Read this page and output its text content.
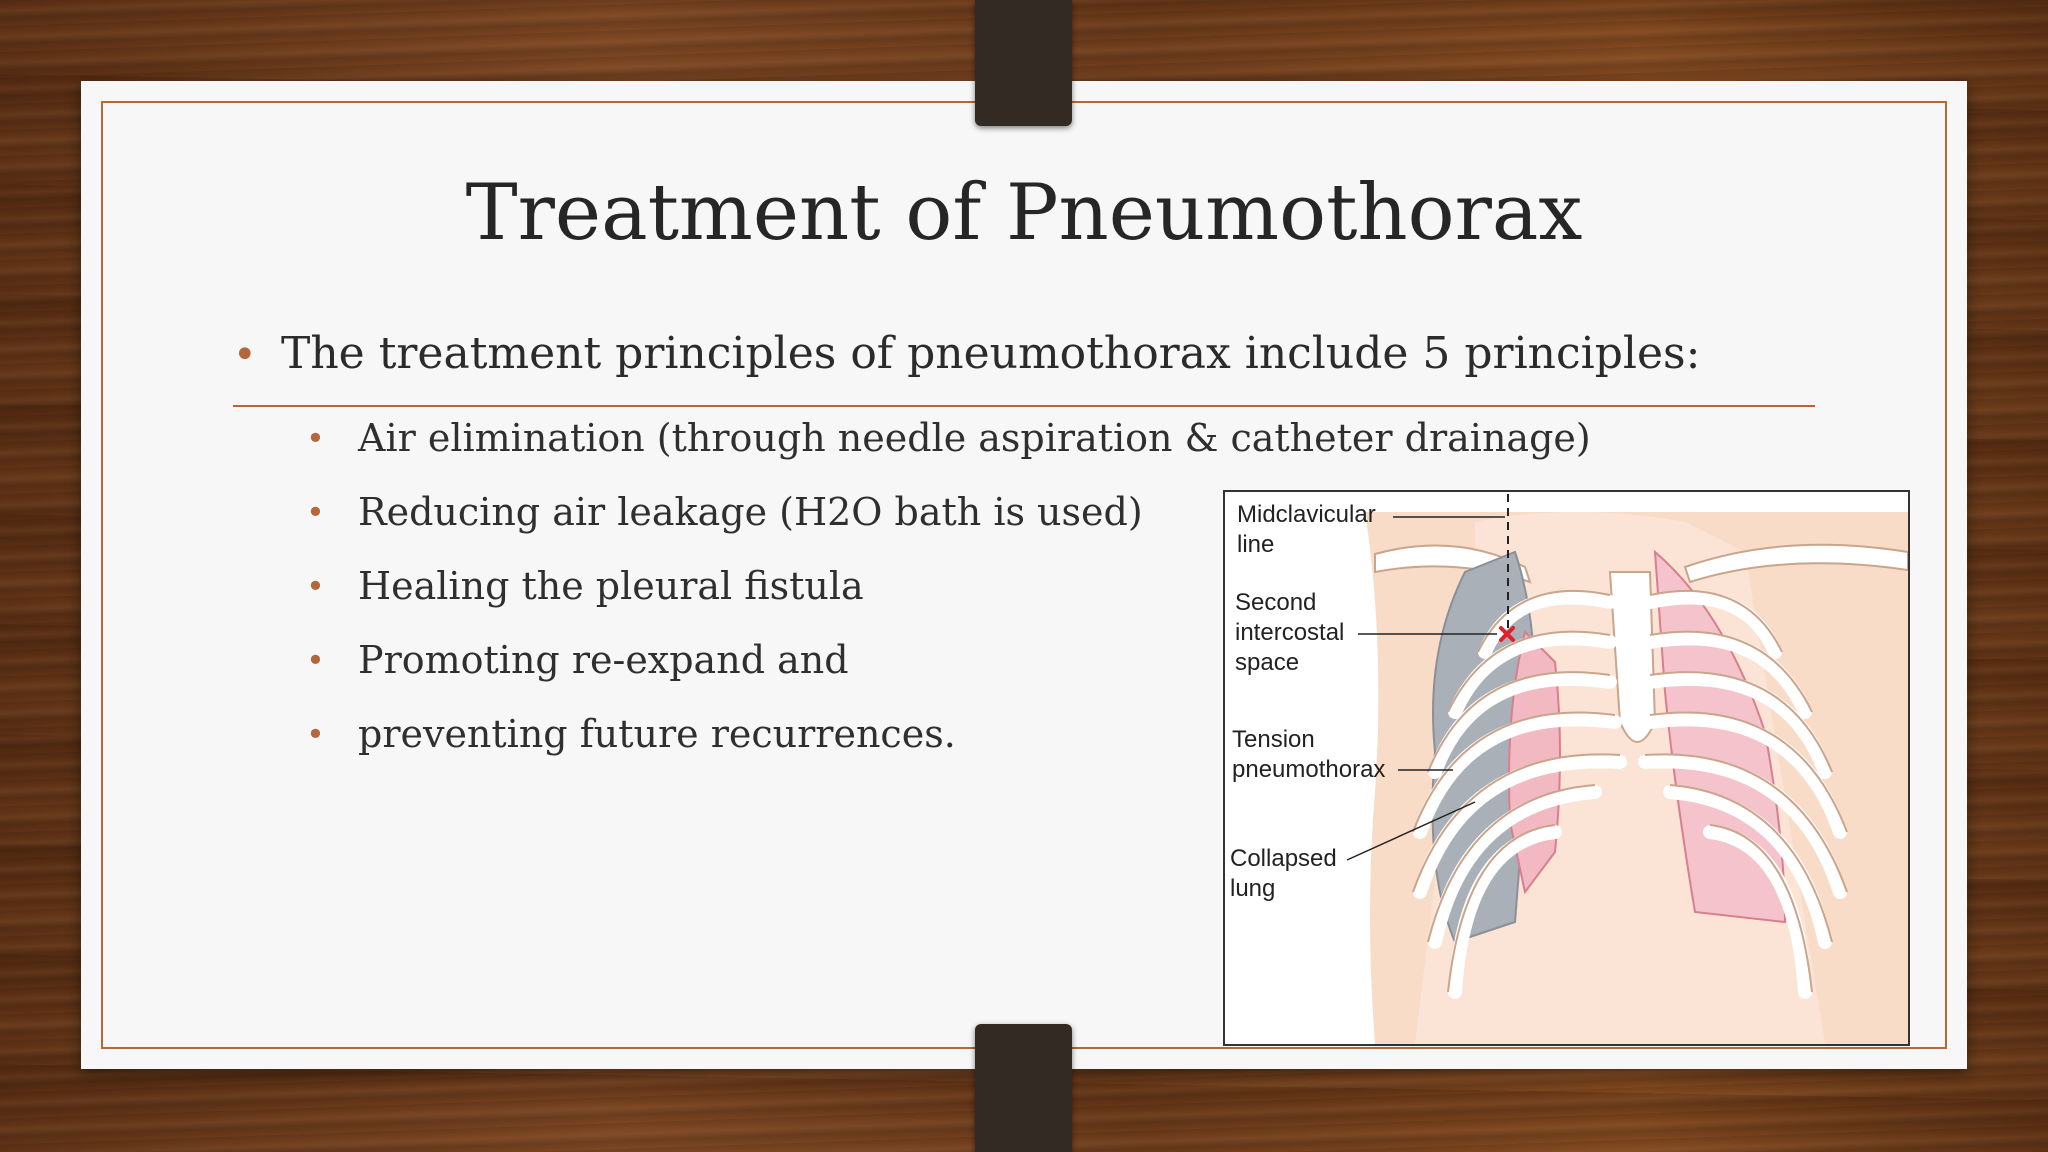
Treatment of Pneumothorax
• The treatment principles of pneumothorax include 5 principles:
• Air elimination (through needle aspiration & catheter drainage)
• Reducing air leakage (H2O bath is used)
• Healing the pleural fistula
• Promoting re-expand and
• preventing future recurrences.
Midclavicular
line
Second
intercostal
space
Tension
pneumothorax
Collapsed
lung
